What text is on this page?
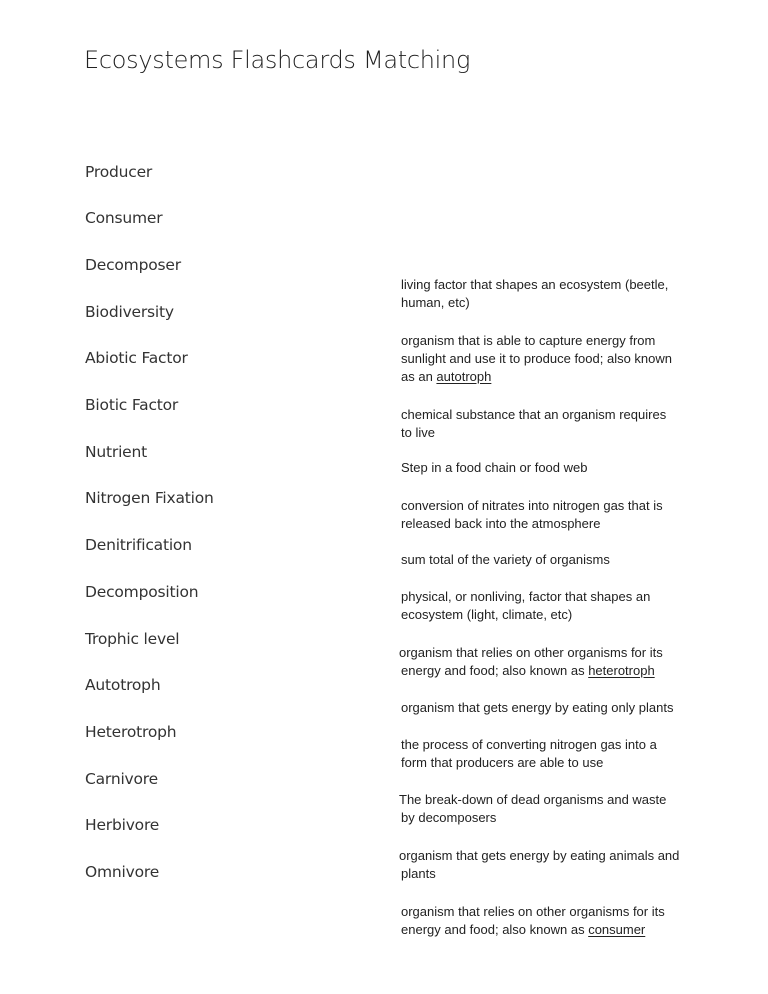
Ecosystems Flashcards Matching
Producer
Consumer
Decomposer
Biodiversity
Abiotic Factor
Biotic Factor
Nutrient
Nitrogen Fixation
Denitrification
Decomposition
Trophic level
Autotroph
Heterotroph
Carnivore
Herbivore
Omnivore
living factor that shapes an ecosystem (beetle,
human, etc)
organism that is able to capture energy from
sunlight and use it to produce food; also known
as an autotroph
chemical substance that an organism requires
to live
Step in a food chain or food web
conversion of nitrates into nitrogen gas that is
released back into the atmosphere
sum total of the variety of organisms
physical, or nonliving, factor that shapes an
ecosystem (light, climate, etc)
organism that relies on other organisms for its
energy and food; also known as heterotroph
organism that gets energy by eating only plants
the process of converting nitrogen gas into a
form that producers are able to use
The break-down of dead organisms and waste
by decomposers
organism that gets energy by eating animals and
plants
organism that relies on other organisms for its
energy and food; also known as consumer
